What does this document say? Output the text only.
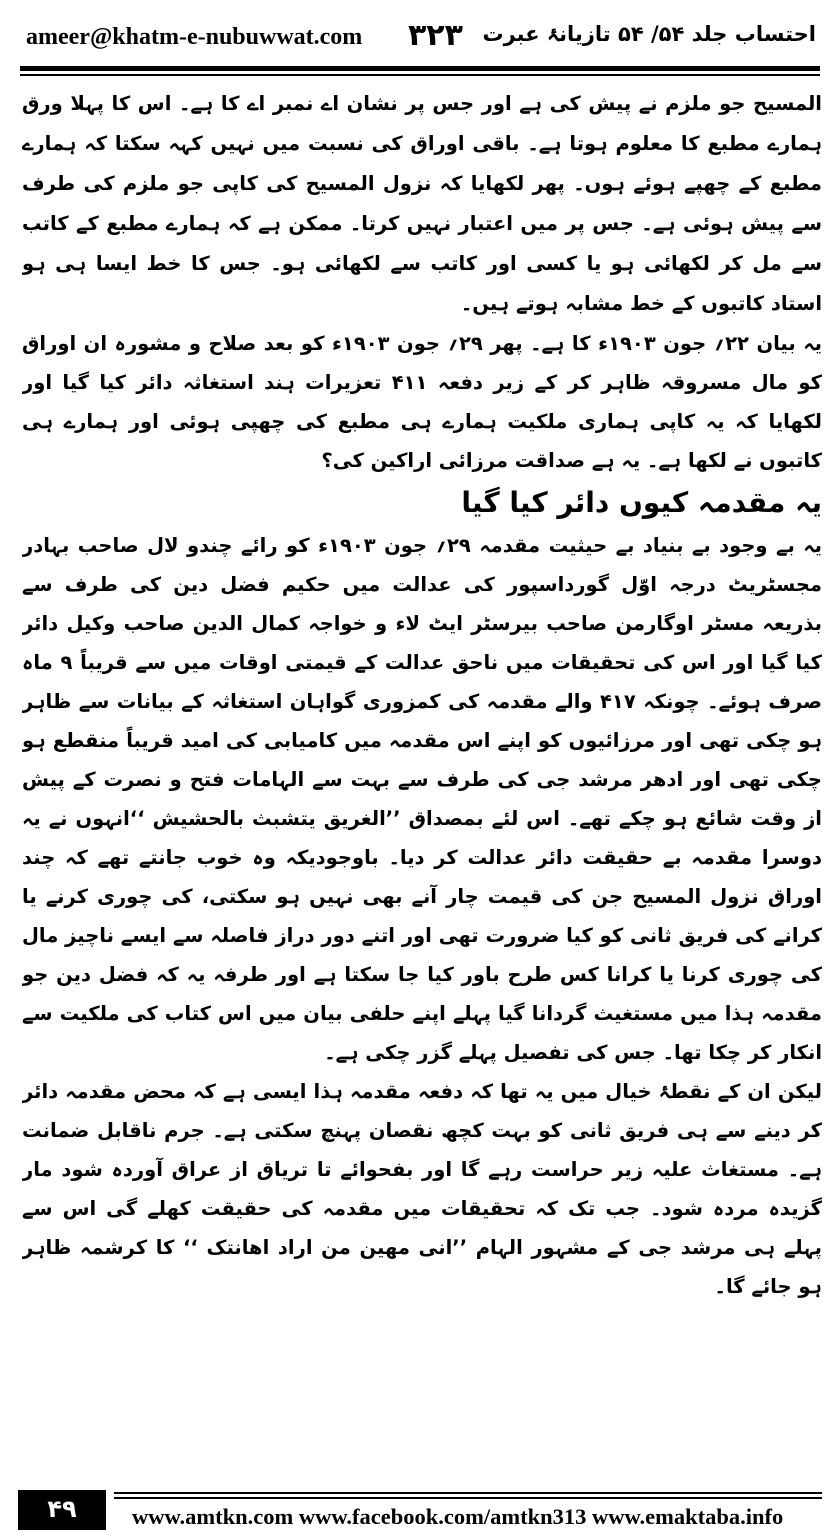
ameer@khatm-e-nubuwwat.com ۳۲۳ احتساب جلد ۵۴/ ۵۴ تازیانۂ عبرت

المسیح جو ملزم نے پیش کی ہے اور جس پر نشان اے نمبر اے کا ہے۔ اس کا پہلا ورق ہمارے مطبع کا معلوم ہوتا ہے۔ باقی اوراق کی نسبت میں نہیں کہہ سکتا کہ ہمارے مطبع کے چھپے ہوئے ہوں۔ پھر لکھایا کہ نزول المسیح کی کاپی جو ملزم کی طرف سے پیش ہوئی ہے۔ جس پر میں اعتبار نہیں کرتا۔ ممکن ہے کہ ہمارے مطبع کے کاتب سے مل کر لکھائی ہو یا کسی اور کاتب سے لکھائی ہو۔ جس کا خط ایسا ہی ہو استاد کاتبوں کے خط مشابہ ہوتے ہیں۔

یہ بیان ۲۲؍ جون ۱۹۰۳ء کا ہے۔ پھر ۲۹؍ جون ۱۹۰۳ء کو بعد صلاح و مشورہ ان اوراق کو مال مسروقہ ظاہر کر کے زیر دفعہ ۴۱۱ تعزیرات ہند استغاثہ دائر کیا گیا اور لکھایا کہ یہ کاپی ہماری ملکیت ہمارے ہی مطبع کی چھپی ہوئی اور ہمارے ہی کاتبوں نے لکھا ہے۔ یہ ہے صداقت مرزائی اراکین کی؟

یہ مقدمہ کیوں دائر کیا گیا

یہ بے وجود بے بنیاد بے حیثیت مقدمہ ۲۹؍ جون ۱۹۰۳ء کو رائے چندو لال صاحب بہادر مجسٹریٹ درجہ اوّل گورداسپور کی عدالت میں حکیم فضل دین کی طرف سے بذریعہ مسٹر اوگارمن صاحب بیرسٹر ایٹ لاء و خواجہ کمال الدین صاحب وکیل دائر کیا گیا اور اس کی تحقیقات میں ناحق عدالت کے قیمتی اوقات میں سے قریباً ۹ ماہ صرف ہوئے۔ چونکہ ۴۱۷ والے مقدمہ کی کمزوری گواہان استغاثہ کے بیانات سے ظاہر ہو چکی تھی اور مرزائیوں کو اپنے اس مقدمہ میں کامیابی کی امید قریباً منقطع ہو چکی تھی اور ادھر مرشد جی کی طرف سے بہت سے الہامات فتح و نصرت کے پیش از وقت شائع ہو چکے تھے۔ اس لئے بمصداق ’’الغریق یتشبث بالحشیش ‘‘انہوں نے یہ دوسرا مقدمہ بے حقیقت دائر عدالت کر دیا۔ باوجودیکہ وہ خوب جانتے تھے کہ چند اوراق نزول المسیح جن کی قیمت چار آنے بھی نہیں ہو سکتی، کی چوری کرنے یا کرانے کی فریق ثانی کو کیا ضرورت تھی اور اتنے دور دراز فاصلہ سے ایسے ناچیز مال کی چوری کرنا یا کرانا کس طرح باور کیا جا سکتا ہے اور طرفہ یہ کہ فضل دین جو مقدمہ ہذا میں مستغیث گردانا گیا پہلے اپنے حلفی بیان میں اس کتاب کی ملکیت سے انکار کر چکا تھا۔ جس کی تفصیل پہلے گزر چکی ہے۔

لیکن ان کے نقطۂ خیال میں یہ تھا کہ دفعہ مقدمہ ہذا ایسی ہے کہ محض مقدمہ دائر کر دینے سے ہی فریق ثانی کو بہت کچھ نقصان پہنچ سکتی ہے۔ جرم ناقابل ضمانت ہے۔ مستغاث علیہ زیر حراست رہے گا اور بفحوائے تا تریاق از عراق آوردہ شود مار گزیدہ مردہ شود۔ جب تک کہ تحقیقات میں مقدمہ کی حقیقت کھلے گی اس سے پہلے ہی مرشد جی کے مشہور الہام ’’انی مھین من اراد اھانتک ‘‘ کا کرشمہ ظاہر ہو جائے گا۔

۴۹	www.amtkn.com www.facebook.com/amtkn313 www.emaktaba.info
